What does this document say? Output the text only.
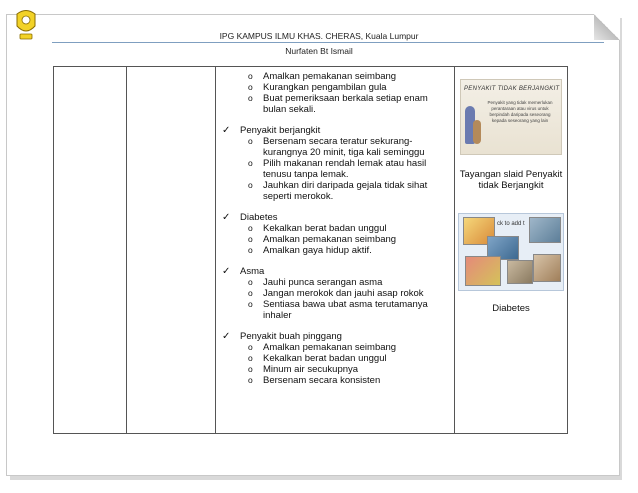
IPG KAMPUS ILMU KHAS. CHERAS, Kuala Lumpur
Nurfaten Bt Ismail

o Amalkan pemakanan seimbang
o Kurangkan pengambilan gula
o Buat pemeriksaan berkala setiap enam bulan sekali.
✓ Penyakit berjangkit
o Bersenam secara teratur sekurang-kurangnya 20 minit, tiga kali seminggu
o Pilih makanan rendah lemak atau hasil tenusu tanpa lemak.
o Jauhkan diri daripada gejala tidak sihat seperti merokok.
✓ Diabetes
o Kekalkan berat badan unggul
o Amalkan pemakanan seimbang
o Amalkan gaya hidup aktif.
✓ Asma
o Jauhi punca serangan asma
o Jangan merokok dan jauhi asap rokok
o Sentiasa bawa ubat asma terutamanya inhaler
✓ Penyakit buah pinggang
o Amalkan pemakanan seimbang
o Kekalkan berat badan unggul
o Minum air secukupnya
o Bersenam secara konsisten

PENYAKIT TIDAK BERJANGKIT
Penyakit yang tidak memerlukan perantaraan atau virus untuk berpindah daripada seseorang kepada seseorang yang lain
Tayangan slaid Penyakit tidak Berjangkit
ck to add t
Diabetes
